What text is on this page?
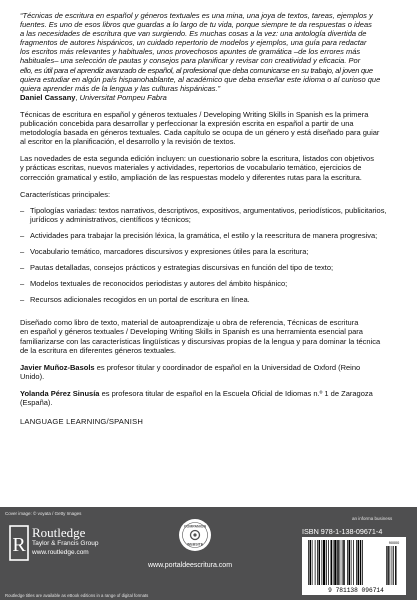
“Técnicas de escritura en español y géneros textuales es una mina, una joya de textos, tareas, ejemplos y
fuentes. Es uno de esos libros que guardas a lo largo de tu vida, porque siempre te da respuestas o ideas
a las necesidades de escritura que van surgiendo. Es muchas cosas a la vez: una antología divertida de
fragmentos de autores hispánicos, un cuidado repertorio de modelos y ejemplos, una guía para redactar
los escritos más relevantes y habituales, unos provechosos apuntes de gramática –de los errores más
habituales– una selección de pautas y consejos para planificar y revisar con creatividad y eficacia. Por
ello, es útil para el aprendiz avanzado de español, al profesional que deba comunicarse en su trabajo, al joven que
quiera estudiar en algún país hispanohablante, al académico que deba enseñar este idioma o al curioso que
quiera aprender más de la lengua y las culturas hispánicas.”

Daniel Cassany, Universitat Pompeu Fabra

Técnicas de escritura en español y géneros textuales / Developing Writing Skills in Spanish es la primera
publicación concebida para desarrollar y perfeccionar la expresión escrita en español a partir de una
metodología basada en géneros textuales. Cada capítulo se ocupa de un género y está diseñado para guiar
al escritor en la planificación, el desarrollo y la revisión de textos.

Las novedades de esta segunda edición incluyen: un cuestionario sobre la escritura, listados con objetivos
y prácticas escritas, nuevos materiales y actividades, repertorios de vocabulario temático, ejercicios de
corrección gramatical y estilo, ampliación de las respuestas modelo y diferentes rutas para la escritura.

Características principales:

– Tipologías variadas: textos narrativos, descriptivos, expositivos, argumentativos, periodísticos, publicitarios, jurídicos y administrativos, científicos y técnicos;
– Actividades para trabajar la precisión léxica, la gramática, el estilo y la reescritura de manera progresiva;
– Vocabulario temático, marcadores discursivos y expresiones útiles para la escritura;
– Pautas detalladas, consejos prácticos y estrategias discursivas en función del tipo de texto;
– Modelos textuales de reconocidos periodistas y autores del ámbito hispánico;
– Recursos adicionales recogidos en un portal de escritura en línea.

Diseñado como libro de texto, material de autoaprendizaje u obra de referencia, Técnicas de escritura
en español y géneros textuales / Developing Writing Skills in Spanish es una herramienta esencial para
familiarizarse con las características lingüísticas y discursivas propias de la lengua y para dominar la técnica
de la escritura en diferentes géneros textuales.

Javier Muñoz-Basols es profesor titular y coordinador de español en la Universidad de Oxford (Reino
Unido).

Yolanda Pérez Sinusía es profesora titular de español en la Escuela Oficial de Idiomas n.º 1 de Zaragoza
(España).

LANGUAGE LEARNING/SPANISH

Cover image: © voyata / Getty Images
R
Routledge
Taylor & Francis Group
www.routledge.com
COMPANION
WEBSITE
www.portaldeescritura.com
an informa business
ISBN 978-1-138-09671-4
9 781138 096714
90000
Routledge titles are available as eBook editions in a range of digital formats
